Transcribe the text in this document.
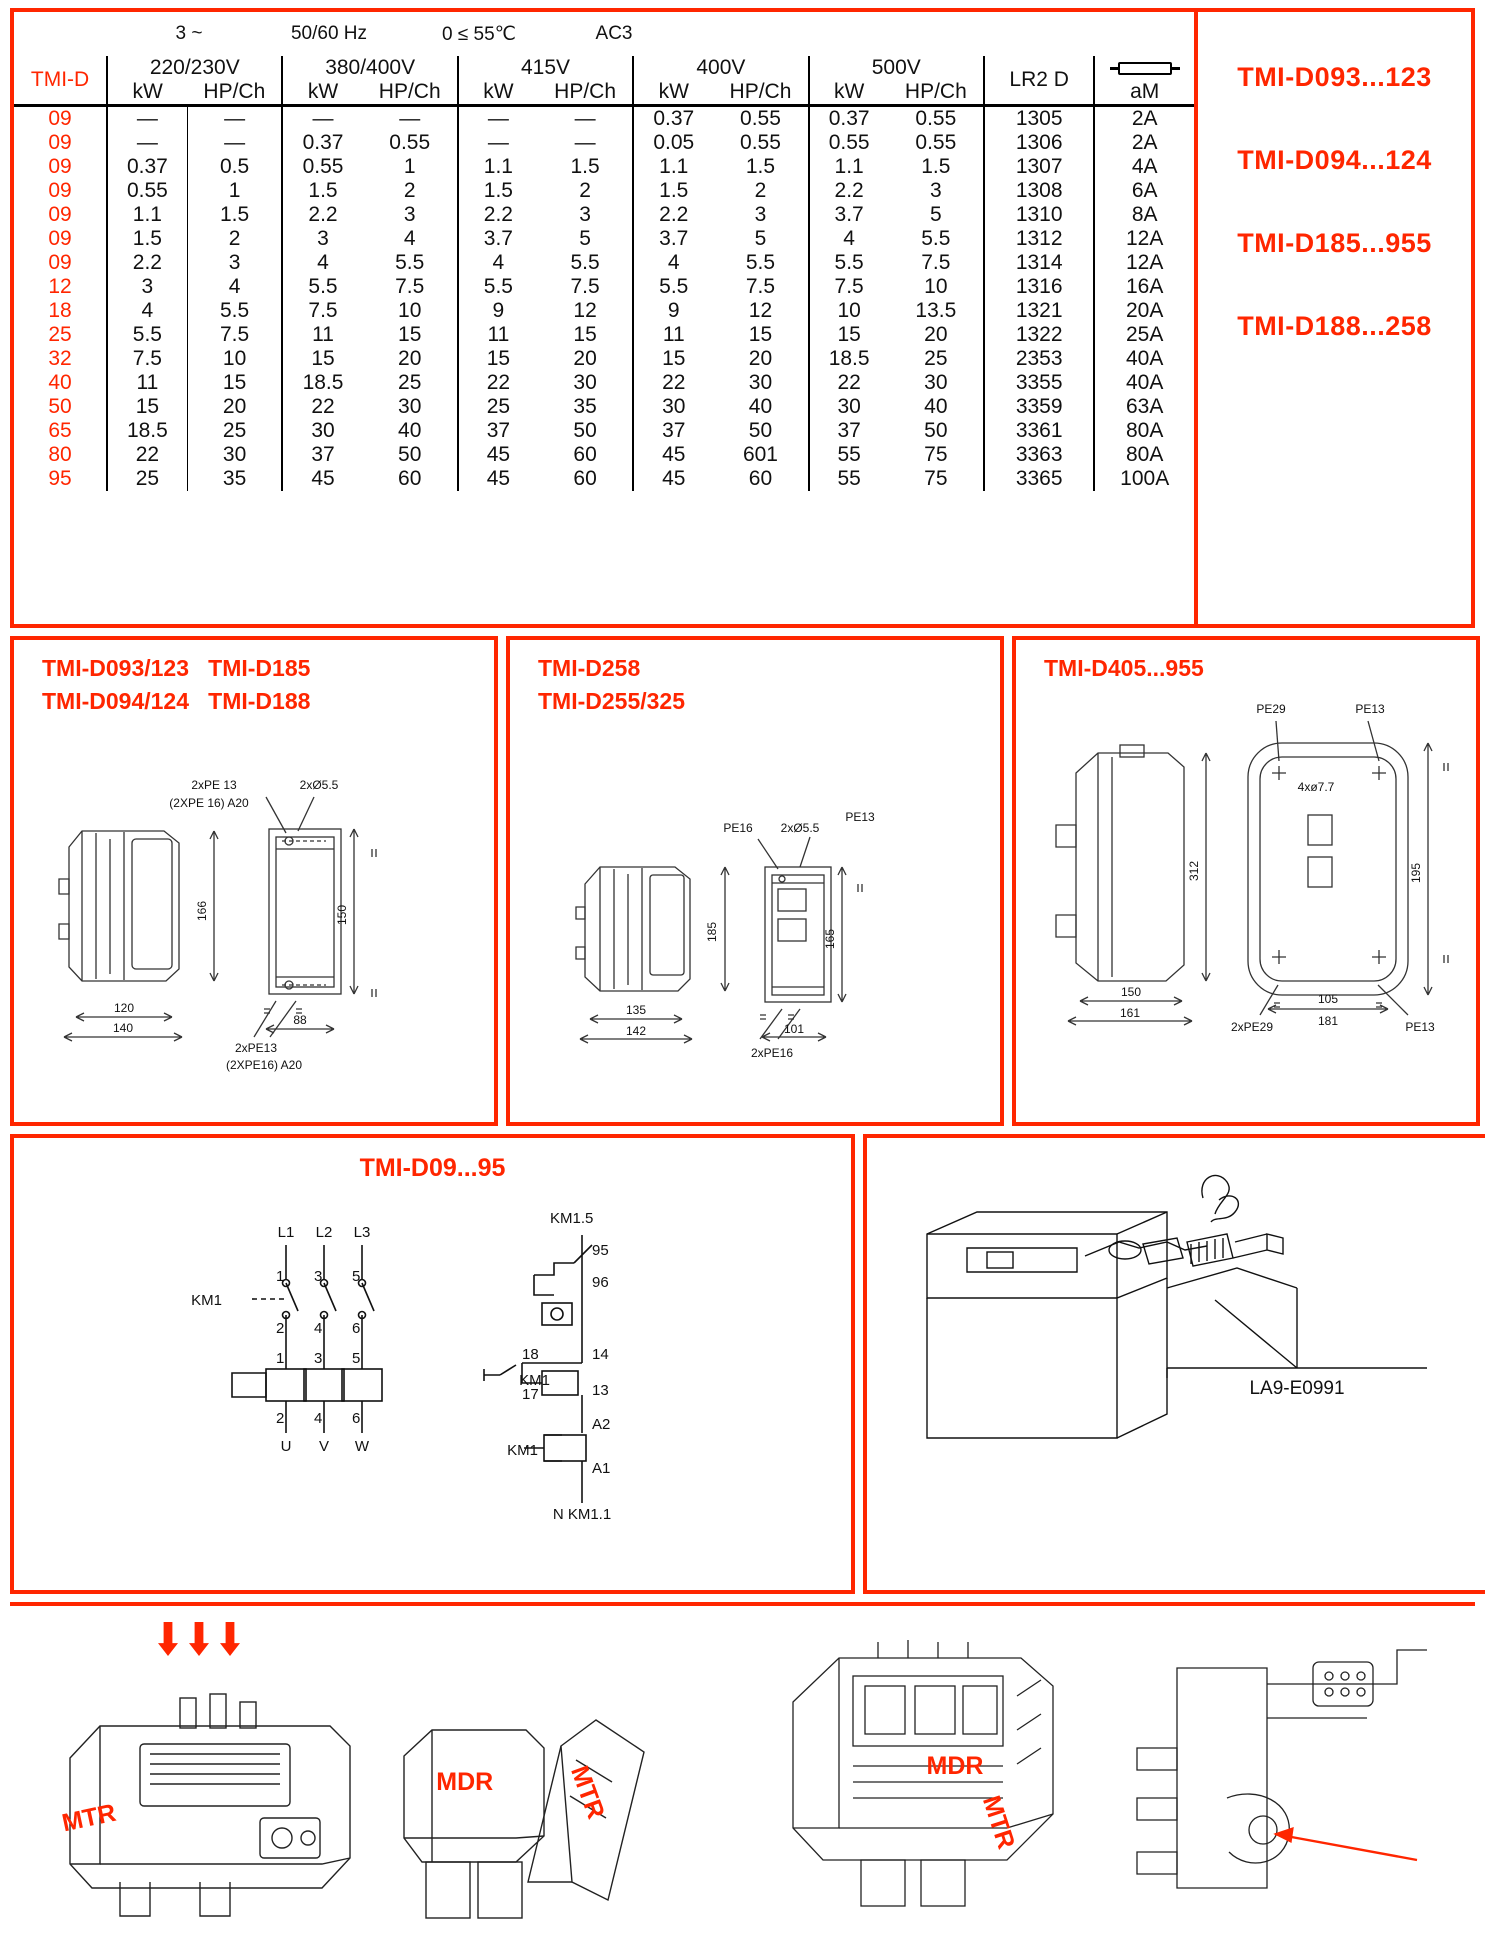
3 ~	50/60 Hz	0 ≤ 55℃	AC3
TMI-D	220/230V		380/400V		415V		400V		500V		LR2 D	
	kW	HP/Ch	kW	HP/Ch	kW	HP/Ch	kW	HP/Ch	kW	HP/Ch		aM
09	—	—	—	—	—	—	0.37	0.55	0.37	0.55	1305	2A
09	—	—	0.37	0.55	—	—	0.05	0.55	0.55	0.55	1306	2A
09	0.37	0.5	0.55	1	1.1	1.5	1.1	1.5	1.1	1.5	1307	4A
09	0.55	1	1.5	2	1.5	2	1.5	2	2.2	3	1308	6A
09	1.1	1.5	2.2	3	2.2	3	2.2	3	3.7	5	1310	8A
09	1.5	2	3	4	3.7	5	3.7	5	4	5.5	1312	12A
09	2.2	3	4	5.5	4	5.5	4	5.5	5.5	7.5	1314	12A
12	3	4	5.5	7.5	5.5	7.5	5.5	7.5	7.5	10	1316	16A
18	4	5.5	7.5	10	9	12	9	12	10	13.5	1321	20A
25	5.5	7.5	11	15	11	15	11	15	15	20	1322	25A
32	7.5	10	15	20	15	20	15	20	18.5	25	2353	40A
40	11	15	18.5	25	22	30	22	30	22	30	3355	40A
50	15	20	22	30	25	35	30	40	30	40	3359	63A
65	18.5	25	30	40	37	50	37	50	37	50	3361	80A
80	22	30	37	50	45	60	45	601	55	75	3363	80A
95	25	35	45	60	45	60	45	60	55	75	3365	100A
TMI-D093...123
TMI-D094...124
TMI-D185...955
TMI-D188...258
TMI-D093/123   TMI-D185
TMI-D094/124   TMI-D188
2xPE 13
(2XPE 16) A20
2xØ5.5
166	150
120
140
88
2xPE13
(2XPE16) A20
TMI-D258
TMI-D255/325
PE16 2xØ5.5
PE13
185	165
135
142	101
2xPE16
TMI-D405...955
PE29	PE13
4xø7.7
312	195
150
161
105
181
2xPE29	PE13
TMI-D09...95
L1 L2 L3
KM1
1 3 5
2 4 6
1 3 5
2 4 6
U V W
KM1.5
95
96
18
17
14
13
KM1
A2
A1
KM1
N KM1.1
LA9-E0991
MTR
MDR	MTR	MDR
MTR
